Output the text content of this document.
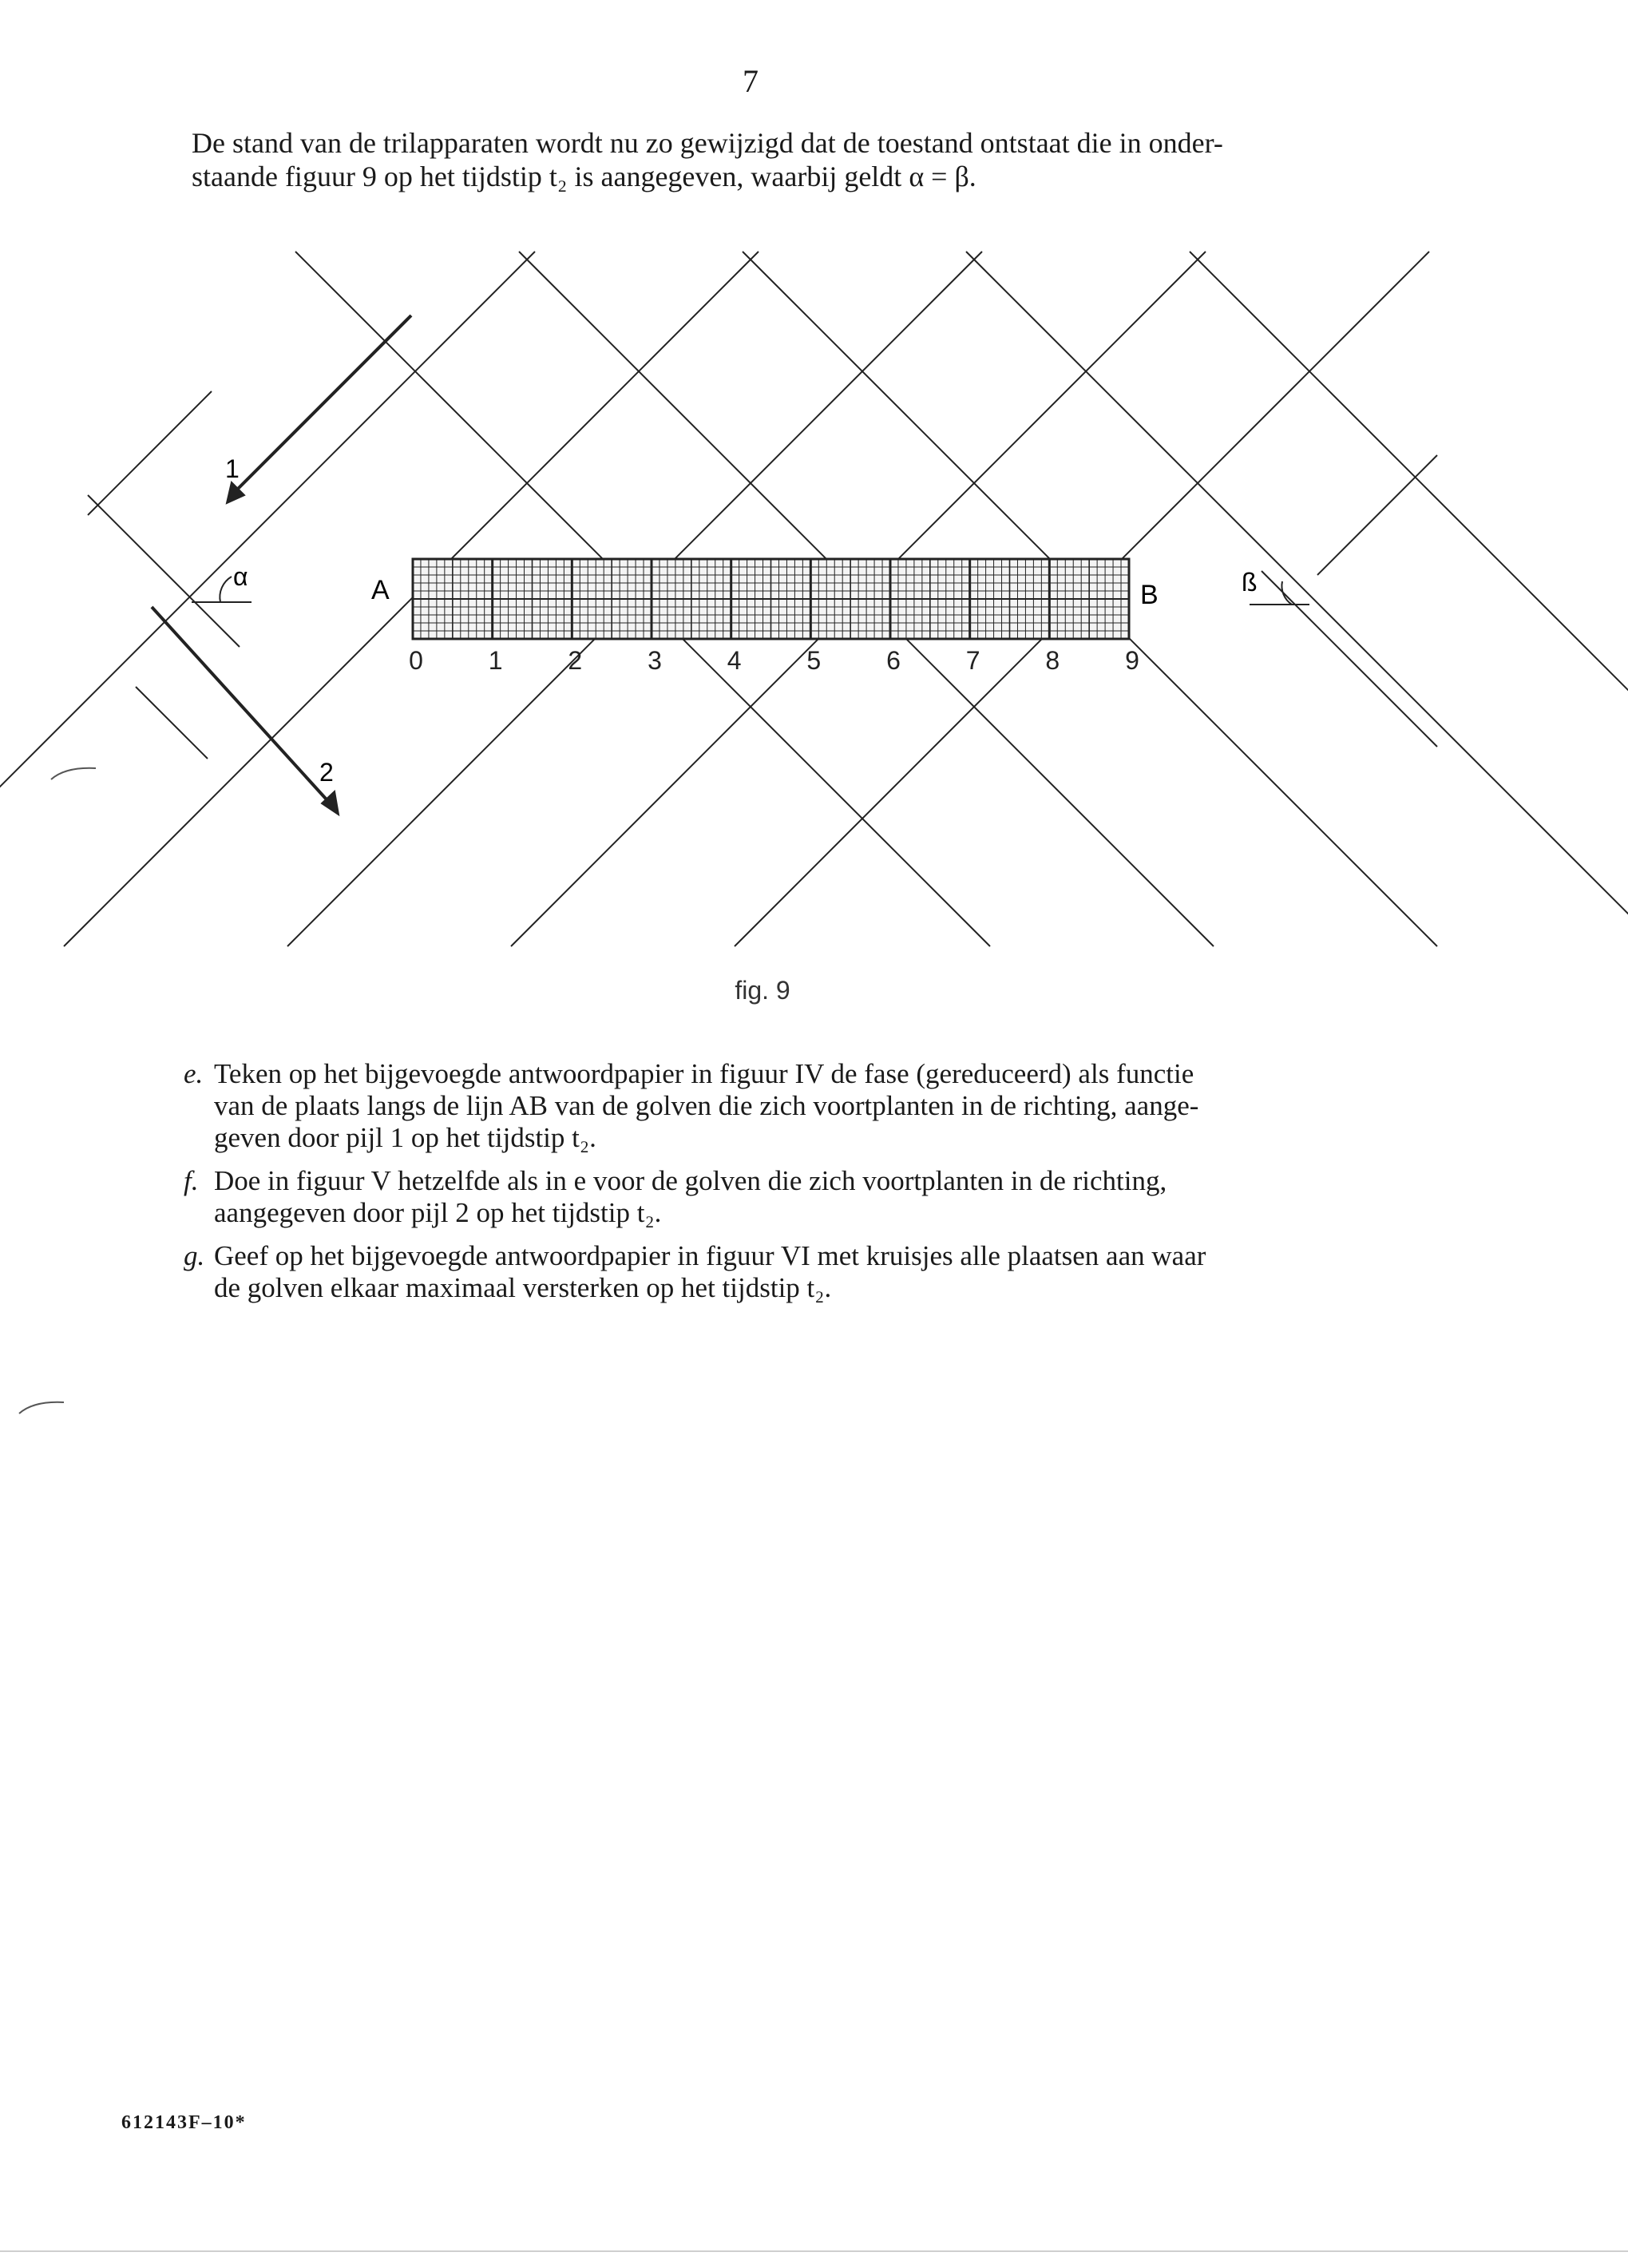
7
De stand van de trilapparaten wordt nu zo gewijzigd dat de toestand ontstaat die in onder-
staande figuur 9 op het tijdstip t₂ is aangegeven, waarbij geldt α = β.
1
2
α	ß
A	B
0	1	2	3	4	5	6	7	8	9
fig. 9
e. Teken op het bijgevoegde antwoordpapier in figuur IV de fase (gereduceerd) als functie
van de plaats langs de lijn AB van de golven die zich voortplanten in de richting, aange-
geven door pijl 1 op het tijdstip t₂.
f. Doe in figuur V hetzelfde als in e voor de golven die zich voortplanten in de richting,
aangegeven door pijl 2 op het tijdstip t₂.
g. Geef op het bijgevoegde antwoordpapier in figuur VI met kruisjes alle plaatsen aan waar
de golven elkaar maximaal versterken op het tijdstip t₂.
612143F–10*
